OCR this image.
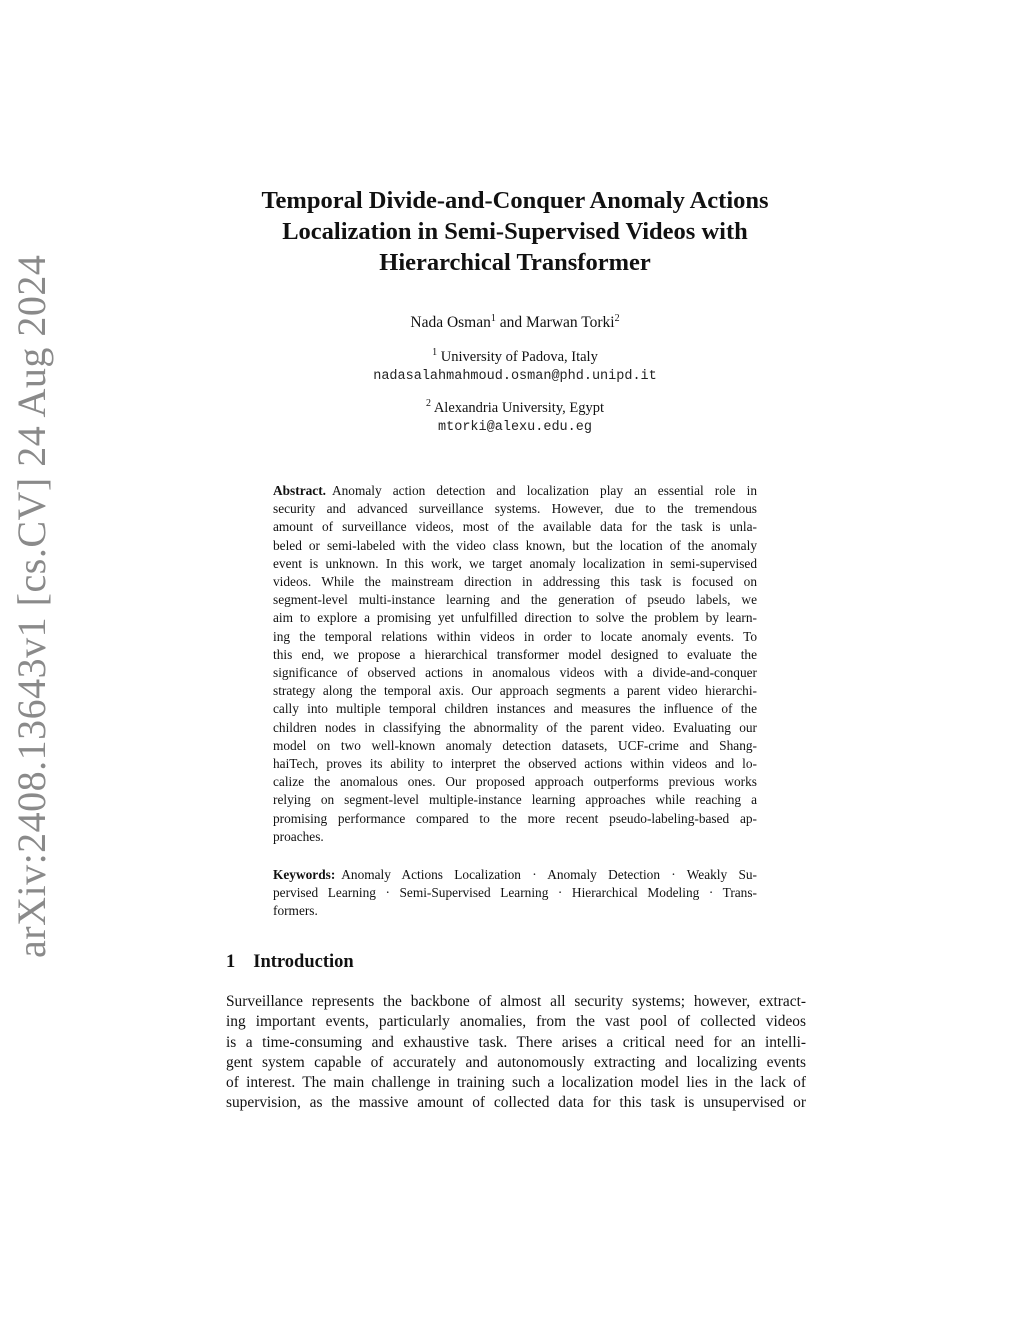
arXiv:2408.13643v1 [cs.CV] 24 Aug 2024
Temporal Divide-and-Conquer Anomaly Actions
Localization in Semi-Supervised Videos with
Hierarchical Transformer
Nada Osman$^1$ and Marwan Torki$^2$
$^1$ University of Padova, Italy
nadasalahmahmoud.osman@phd.unipd.it
$^2$ Alexandria University, Egypt
mtorki@alexu.edu.eg
Abstract. Anomaly action detection and localization play an essential role in
security and advanced surveillance systems. However, due to the tremendous
amount of surveillance videos, most of the available data for the task is unla-
beled or semi-labeled with the video class known, but the location of the anomaly
event is unknown. In this work, we target anomaly localization in semi-supervised
videos. While the mainstream direction in addressing this task is focused on
segment-level multi-instance learning and the generation of pseudo labels, we
aim to explore a promising yet unfulfilled direction to solve the problem by learn-
ing the temporal relations within videos in order to locate anomaly events. To
this end, we propose a hierarchical transformer model designed to evaluate the
significance of observed actions in anomalous videos with a divide-and-conquer
strategy along the temporal axis. Our approach segments a parent video hierarchi-
cally into multiple temporal children instances and measures the influence of the
children nodes in classifying the abnormality of the parent video. Evaluating our
model on two well-known anomaly detection datasets, UCF-crime and Shang-
haiTech, proves its ability to interpret the observed actions within videos and lo-
calize the anomalous ones. Our proposed approach outperforms previous works
relying on segment-level multiple-instance learning approaches while reaching a
promising performance compared to the more recent pseudo-labeling-based ap-
proaches.
Keywords: Anomaly Actions Localization · Anomaly Detection · Weakly Su-
pervised Learning · Semi-Supervised Learning · Hierarchical Modeling · Trans-
formers.
1 Introduction
Surveillance represents the backbone of almost all security systems; however, extract-
ing important events, particularly anomalies, from the vast pool of collected videos
is a time-consuming and exhaustive task. There arises a critical need for an intelli-
gent system capable of accurately and autonomously extracting and localizing events
of interest. The main challenge in training such a localization model lies in the lack of
supervision, as the massive amount of collected data for this task is unsupervised or
